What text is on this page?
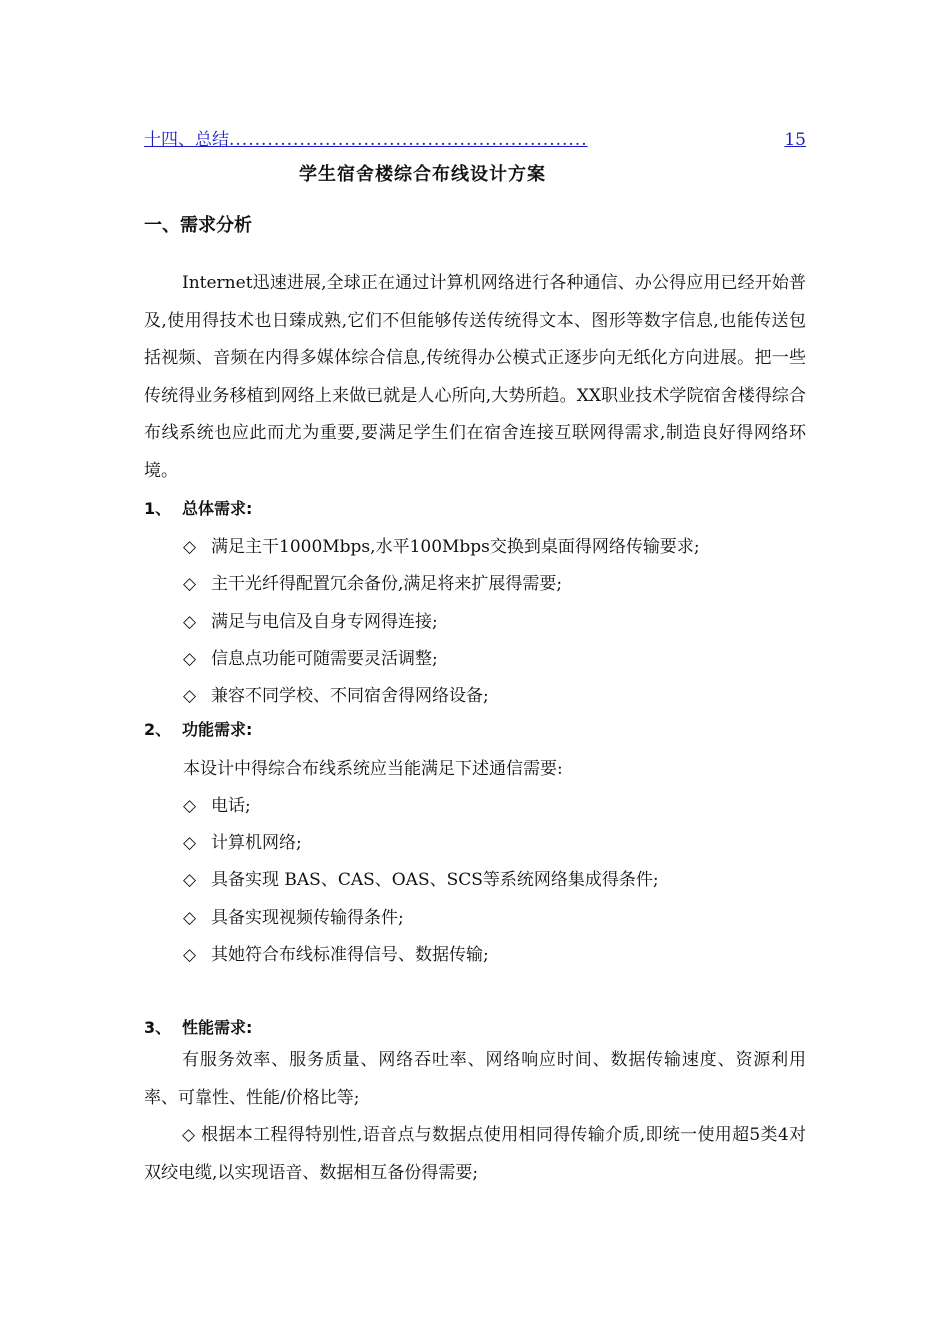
十四、总结 ........................................................	15
学生宿舍楼综合布线设计方案
一、需求分析
Internet迅速进展,全球正在通过计算机网络进行各种通信、办公得应用已经开始普及,使用得技术也日臻成熟,它们不但能够传送传统得文本、图形等数字信息,也能传送包括视频、音频在内得多媒体综合信息,传统得办公模式正逐步向无纸化方向进展。把一些传统得业务移植到网络上来做已就是人心所向,大势所趋。XX职业技术学院宿舍楼得综合布线系统也应此而尤为重要,要满足学生们在宿舍连接互联网得需求,制造良好得网络环境。
1、 总体需求:
◇ 满足主干1000Mbps,水平100Mbps交换到桌面得网络传输要求;
◇ 主干光纤得配置冗余备份,满足将来扩展得需要;
◇ 满足与电信及自身专网得连接;
◇ 信息点功能可随需要灵活调整;
◇ 兼容不同学校、不同宿舍得网络设备;
2、 功能需求:
本设计中得综合布线系统应当能满足下述通信需要:
◇ 电话;
◇ 计算机网络;
◇ 具备实现 BAS、CAS、OAS、SCS等系统网络集成得条件;
◇ 具备实现视频传输得条件;
◇ 其她符合布线标准得信号、数据传输;
3、 性能需求:
有服务效率、服务质量、网络吞吐率、网络响应时间、数据传输速度、资源利用率、可靠性、性能/价格比等;
◇ 根据本工程得特别性,语音点与数据点使用相同得传输介质,即统一使用超5类4对双绞电缆,以实现语音、数据相互备份得需要;
